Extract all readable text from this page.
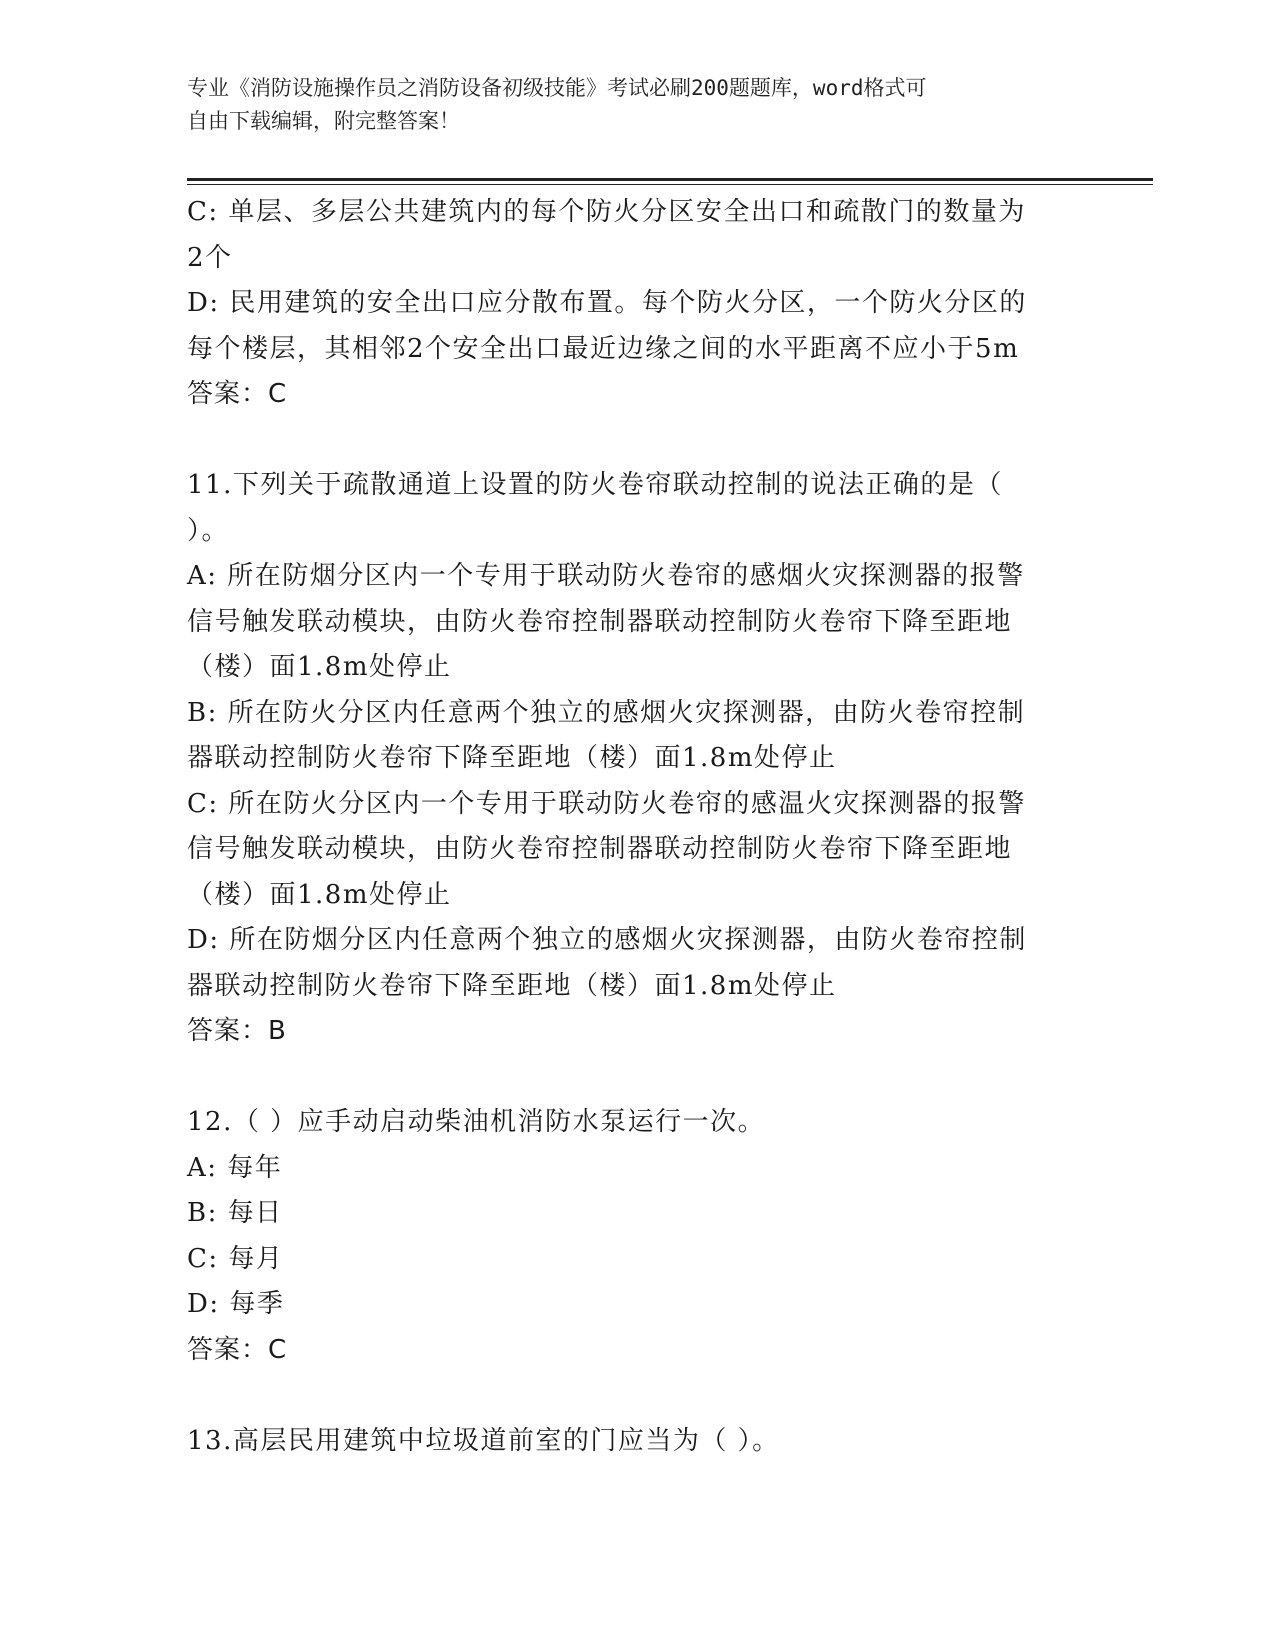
专业《消防设施操作员之消防设备初级技能》考试必刷200题题库，word格式可
自由下载编辑，附完整答案！
C: 单层、多层公共建筑内的每个防火分区安全出口和疏散门的数量为
2个
D: 民用建筑的安全出口应分散布置。每个防火分区，一个防火分区的
每个楼层，其相邻2个安全出口最近边缘之间的水平距离不应小于5m
答案：C
11.下列关于疏散通道上设置的防火卷帘联动控制的说法正确的是（
）。
A: 所在防烟分区内一个专用于联动防火卷帘的感烟火灾探测器的报警
信号触发联动模块，由防火卷帘控制器联动控制防火卷帘下降至距地
（楼）面1.8m处停止
B: 所在防火分区内任意两个独立的感烟火灾探测器，由防火卷帘控制
器联动控制防火卷帘下降至距地（楼）面1.8m处停止
C: 所在防火分区内一个专用于联动防火卷帘的感温火灾探测器的报警
信号触发联动模块，由防火卷帘控制器联动控制防火卷帘下降至距地
（楼）面1.8m处停止
D: 所在防烟分区内任意两个独立的感烟火灾探测器，由防火卷帘控制
器联动控制防火卷帘下降至距地（楼）面1.8m处停止
答案：B
12.（ ）应手动启动柴油机消防水泵运行一次。
A: 每年
B: 每日
C: 每月
D: 每季
答案：C
13.高层民用建筑中垃圾道前室的门应当为（ ）。
